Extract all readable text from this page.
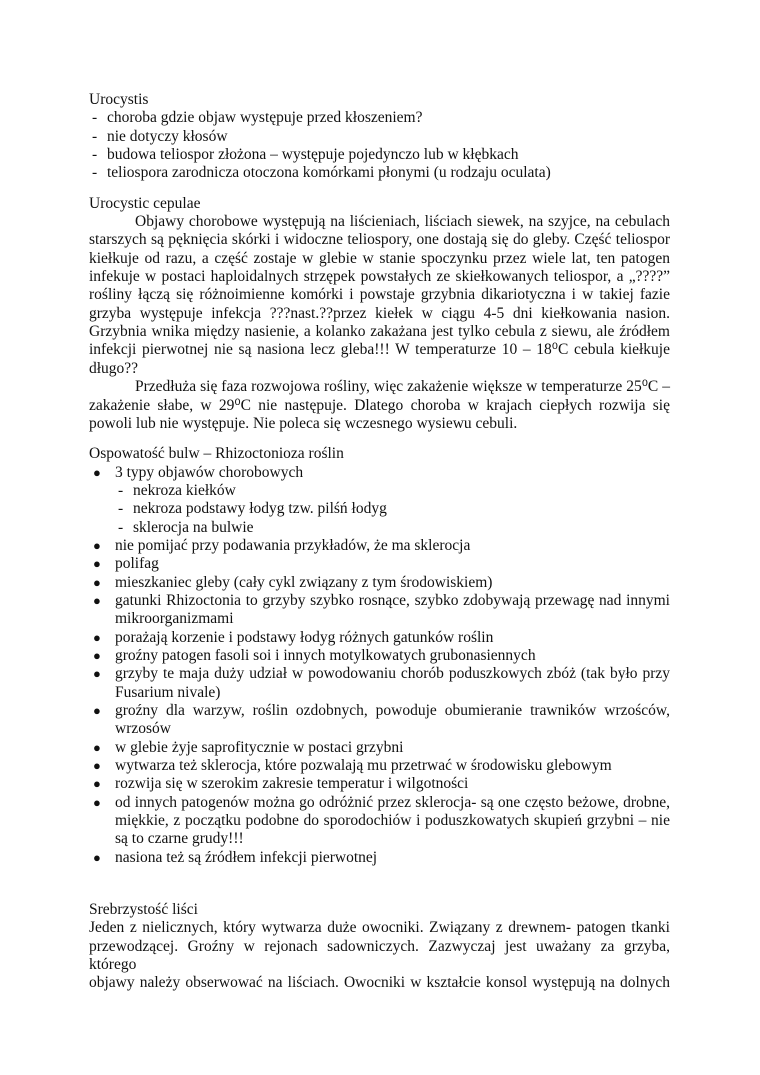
Urocystis
- choroba gdzie objaw występuje przed kłoszeniem?
- nie dotyczy kłosów
- budowa teliospor złożona – występuje pojedynczo lub w kłębkach
- teliospora zarodnicza otoczona komórkami płonymi (u rodzaju oculata)
Urocystic cepulae
Objawy chorobowe występują na liścieniach, liściach siewek, na szyjce, na cebulach
starszych są pęknięcia skórki i widoczne teliospory, one dostają się do gleby. Część teliospor
kiełkuje od razu, a część zostaje w glebie w stanie spoczynku przez wiele lat, ten patogen
infekuje w postaci haploidalnych strzępek powstałych ze skiełkowanych teliospor, a „????”
rośliny łączą się różnoimienne komórki i powstaje grzybnia dikariotyczna i w takiej fazie
grzyba występuje infekcja ???nast.??przez kiełek w ciągu 4-5 dni kiełkowania nasion.
Grzybnia wnika między nasienie, a kolanko zakażana jest tylko cebula z siewu, ale źródłem
infekcji pierwotnej nie są nasiona lecz gleba!!! W temperaturze 10 – 18⁰C cebula kiełkuje
długo??
Przedłuża się faza rozwojowa rośliny, więc zakażenie większe w temperaturze 25⁰C –
zakażenie słabe, w 29⁰C nie następuje. Dlatego choroba w krajach ciepłych rozwija się
powoli lub nie występuje. Nie poleca się wczesnego wysiewu cebuli.
Ospowatość bulw – Rhizoctonioza roślin
● 3 typy objawów chorobowych
- nekroza kiełków
- nekroza podstawy łodyg tzw. pilśń łodyg
- sklerocja na bulwie
● nie pomijać przy podawania przykładów, że ma sklerocja
● polifag
● mieszkaniec gleby (cały cykl związany z tym środowiskiem)
● gatunki Rhizoctonia to grzyby szybko rosnące, szybko zdobywają przewagę nad innymi
mikroorganizmami
● porażają korzenie i podstawy łodyg różnych gatunków roślin
● groźny patogen fasoli soi i innych motylkowatych grubonasiennych
● grzyby te maja duży udział w powodowaniu chorób poduszkowych zbóż (tak było przy
Fusarium nivale)
● groźny dla warzyw, roślin ozdobnych, powoduje obumieranie trawników wrzośców,
wrzosów
● w glebie żyje saprofitycznie w postaci grzybni
● wytwarza też sklerocja, które pozwalają mu przetrwać w środowisku glebowym
● rozwija się w szerokim zakresie temperatur i wilgotności
● od innych patogenów można go odróżnić przez sklerocja- są one często beżowe, drobne,
miękkie, z początku podobne do sporodochiów i poduszkowatych skupień grzybni – nie
są to czarne grudy!!!
● nasiona też są źródłem infekcji pierwotnej
Srebrzystość liści
Jeden z nielicznych, który wytwarza duże owocniki. Związany z drewnem- patogen tkanki
przewodzącej. Groźny w rejonach sadowniczych. Zazwyczaj jest uważany za grzyba, którego
objawy należy obserwować na liściach. Owocniki w kształcie konsol występują na dolnych
